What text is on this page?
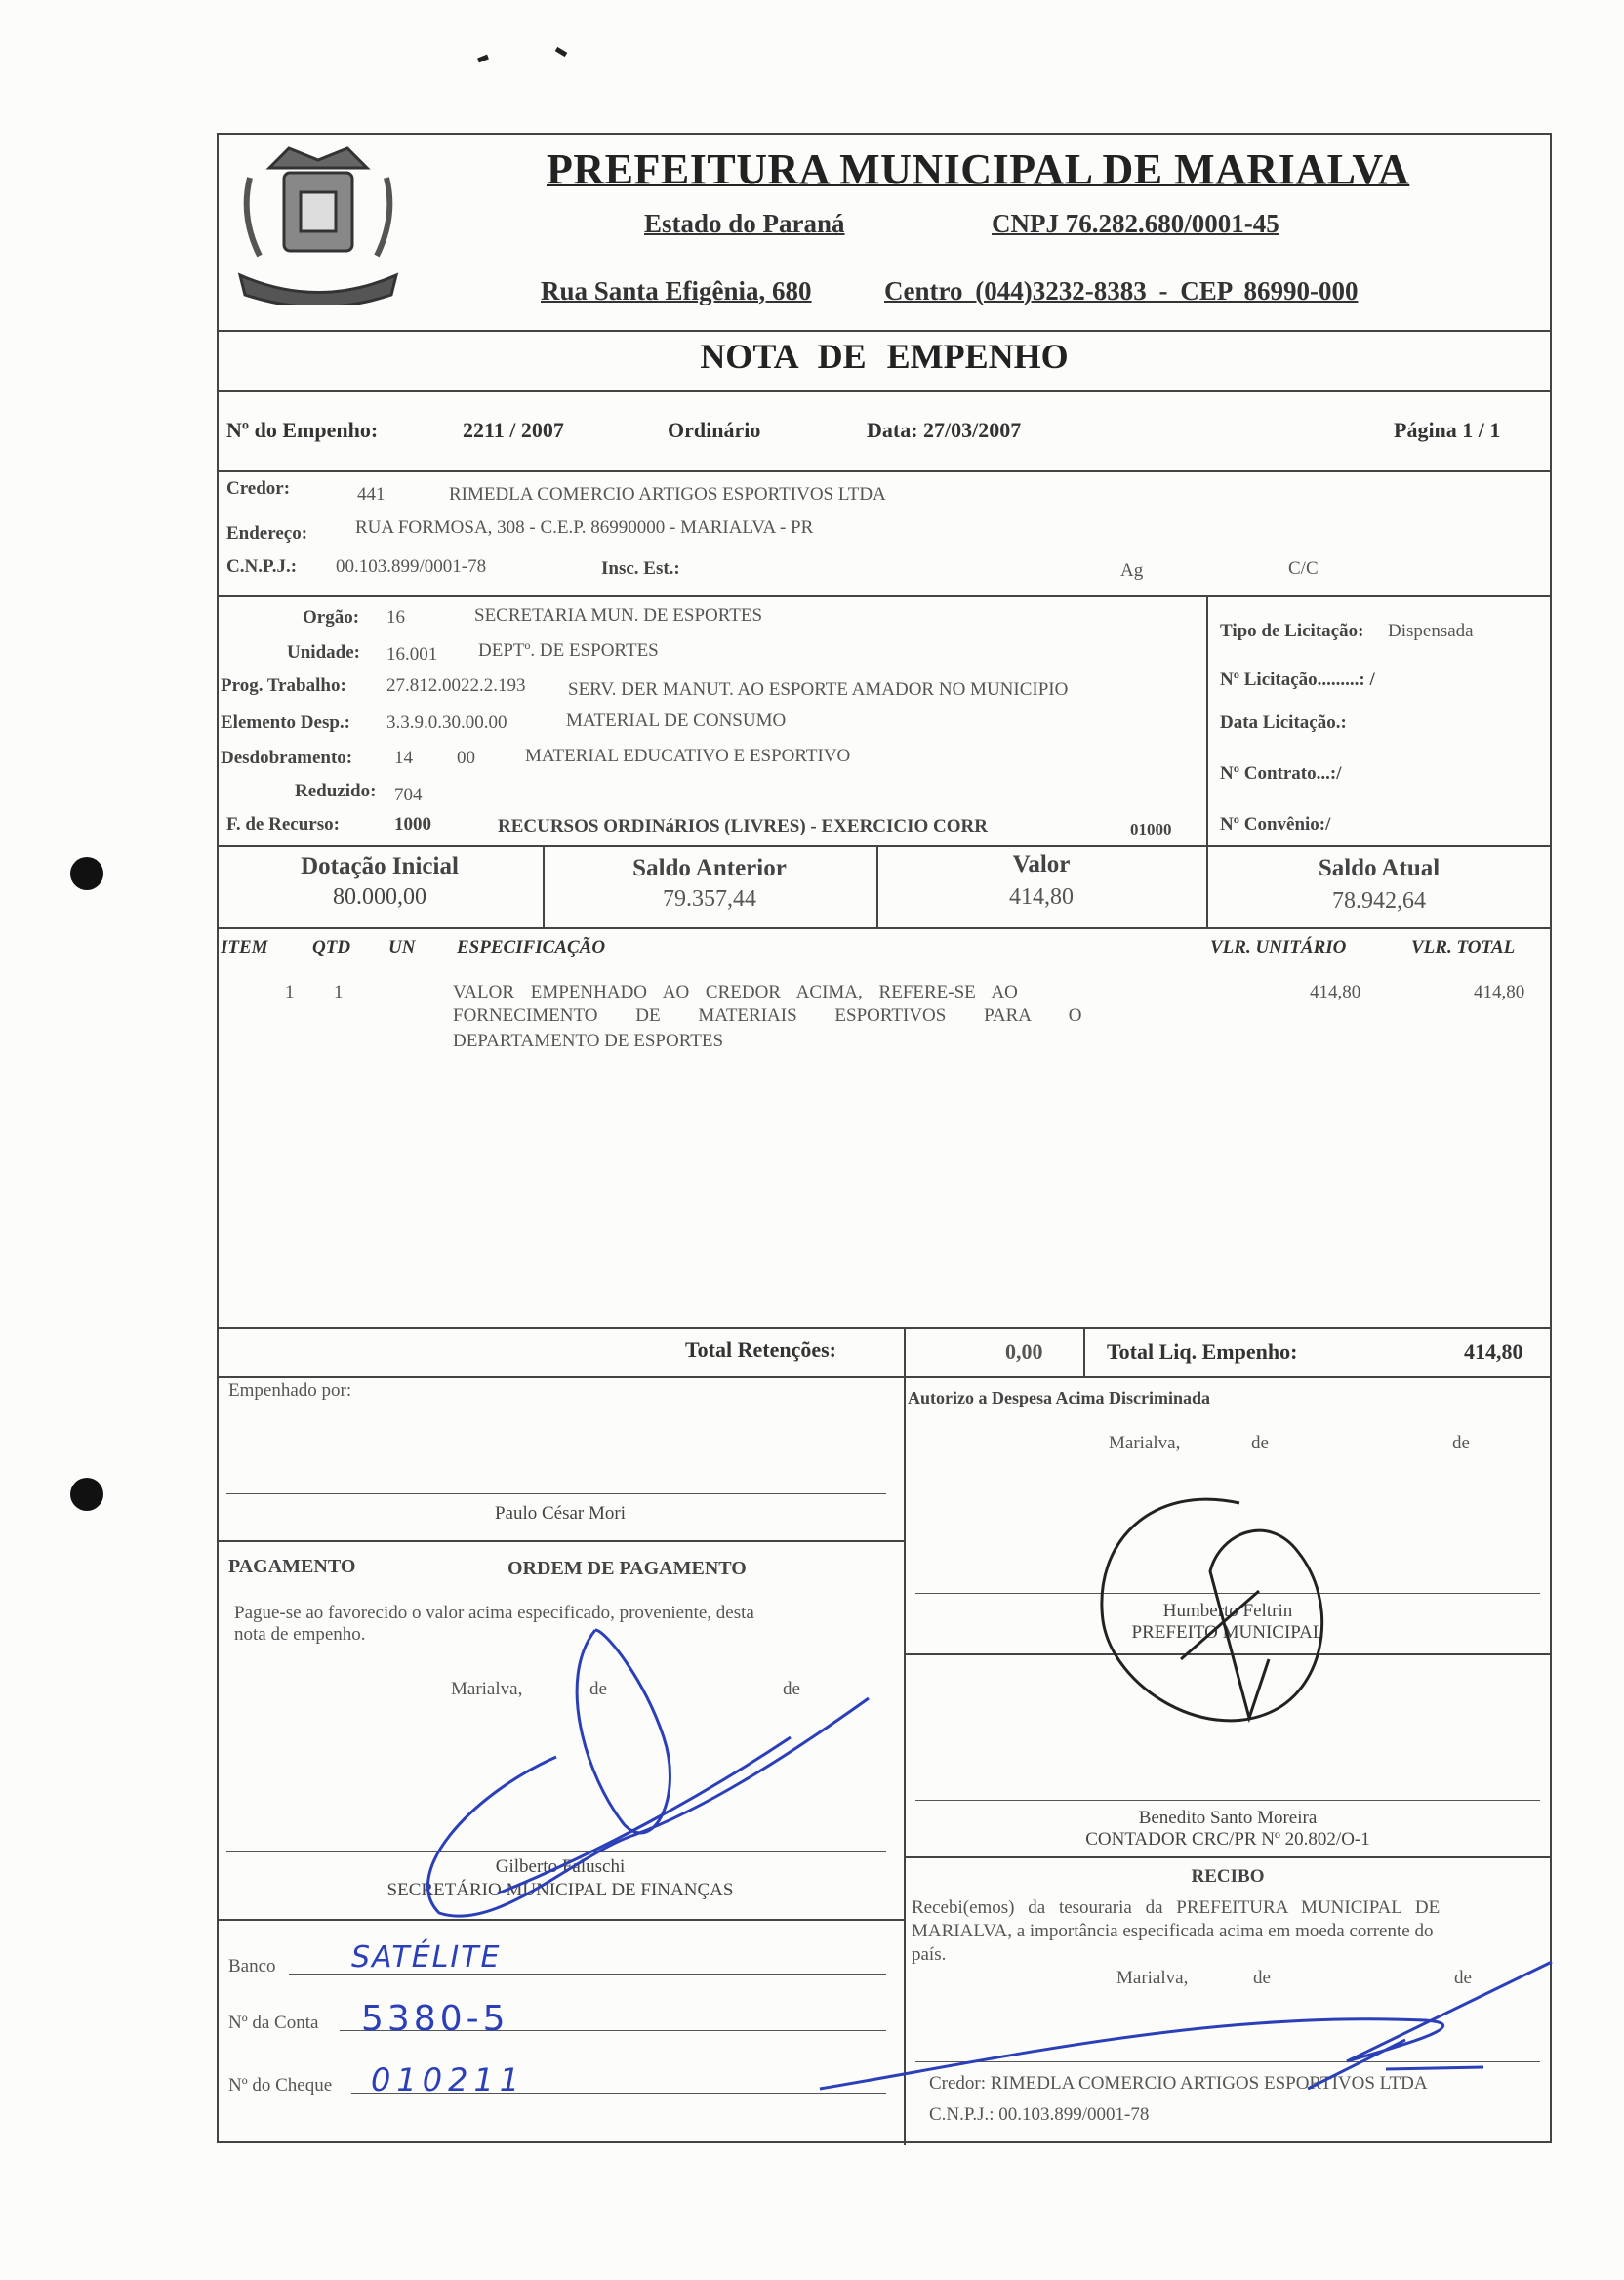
PREFEITURA MUNICIPAL DE MARIALVA
Estado do Paraná	CNPJ 76.282.680/0001-45
Rua Santa Efigênia, 680	Centro (044)3232-8383 - CEP 86990-000
NOTA DE EMPENHO
Nº do Empenho:	2211 / 2007	Ordinário	Data: 27/03/2007	Página 1 / 1
Credor:	441	RIMEDLA COMERCIO ARTIGOS ESPORTIVOS LTDA
Endereço:	RUA FORMOSA, 308 - C.E.P. 86990000 - MARIALVA - PR
C.N.P.J.: 00.103.899/0001-78	Insc. Est.:	Ag	C/C
Orgão: 16	SECRETARIA MUN. DE ESPORTES
Unidade: 16.001 DEPTº. DE ESPORTES
Prog. Trabalho: 27.812.0022.2.193 SERV. DER MANUT. AO ESPORTE AMADOR NO MUNICIPIO
Elemento Desp.: 3.3.9.0.30.00.00	MATERIAL DE CONSUMO
Desdobramento: 14 00	MATERIAL EDUCATIVO E ESPORTIVO
Reduzido: 704
F. de Recurso:	1000	RECURSOS ORDINáRIOS (LIVRES) - EXERCICIO CORR	01000
Tipo de Licitação: Dispensada
Nº Licitação.........: /
Data Licitação.:
Nº Contrato...:/
Nº Convênio:/
Dotação Inicial
80.000,00
Saldo Anterior
79.357,44
Valor
414,80
Saldo Atual
78.942,64
ITEM QTD UN ESPECIFICAÇÃO	VLR. UNITÁRIO	VLR. TOTAL
1 1	VALOR EMPENHADO AO CREDOR ACIMA, REFERE-SE AO
FORNECIMENTO DE MATERIAIS ESPORTIVOS PARA O
DEPARTAMENTO DE ESPORTES
414,80	414,80
Total Retenções:	0,00	Total Liq. Empenho:	414,80
Empenhado por:
Paulo César Mori
PAGAMENTO	ORDEM DE PAGAMENTO
Pague-se ao favorecido o valor acima especificado, proveniente, desta
nota de empenho.
Marialva,	de	de
Gilberto Faluschi
SECRETÁRIO MUNICIPAL DE FINANÇAS
Banco	SATÉLITE
Nº da Conta 5380-5
Nº do Cheque 010211
Autorizo a Despesa Acima Discriminada
Marialva,	de	de
Humberto Feltrin
PREFEITO MUNICIPAL
Benedito Santo Moreira
CONTADOR CRC/PR Nº 20.802/O-1
RECIBO
Recebi(emos) da tesouraria da PREFEITURA MUNICIPAL DE
MARIALVA, a importância especificada acima em moeda corrente do
país.
Marialva,	de	de
Credor: RIMEDLA COMERCIO ARTIGOS ESPORTIVOS LTDA
C.N.P.J.: 00.103.899/0001-78
